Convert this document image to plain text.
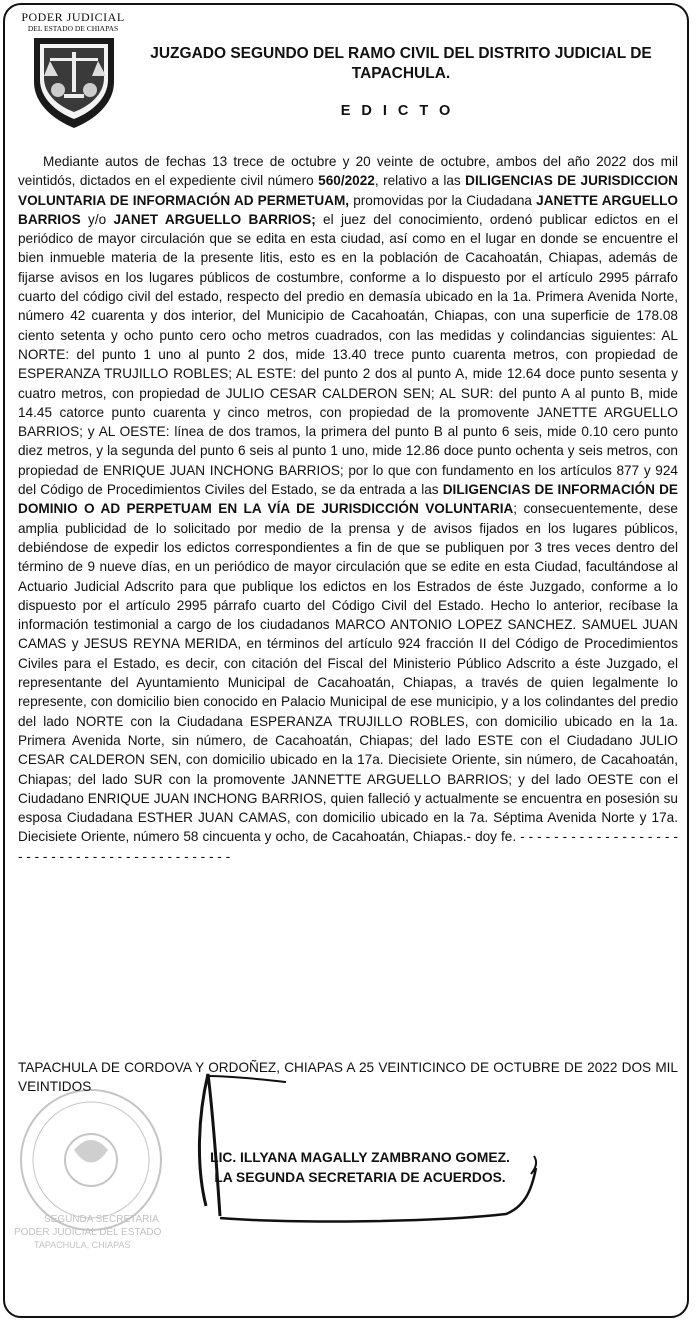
PODER JUDICIAL
DEL ESTADO DE CHIAPAS
JUZGADO SEGUNDO DEL RAMO CIVIL DEL DISTRITO JUDICIAL DE TAPACHULA.
EDICTO
Mediante autos de fechas 13 trece de octubre y 20 veinte de octubre, ambos del año 2022 dos mil veintidós, dictados en el expediente civil número 560/2022, relativo a las DILIGENCIAS DE JURISDICCION VOLUNTARIA DE INFORMACIÓN AD PERMETUAM, promovidas por la Ciudadana JANETTE ARGUELLO BARRIOS y/o JANET ARGUELLO BARRIOS; el juez del conocimiento, ordenó publicar edictos en el periódico de mayor circulación que se edita en esta ciudad, así como en el lugar en donde se encuentre el bien inmueble materia de la presente litis, esto es en la población de Cacahoatán, Chiapas, además de fijarse avisos en los lugares públicos de costumbre, conforme a lo dispuesto por el artículo 2995 párrafo cuarto del código civil del estado, respecto del predio en demasía ubicado en la 1a. Primera Avenida Norte, número 42 cuarenta y dos interior, del Municipio de Cacahoatán, Chiapas, con una superficie de 178.08 ciento setenta y ocho punto cero ocho metros cuadrados, con las medidas y colindancias siguientes: AL NORTE: del punto 1 uno al punto 2 dos, mide 13.40 trece punto cuarenta metros, con propiedad de ESPERANZA TRUJILLO ROBLES; AL ESTE: del punto 2 dos al punto A, mide 12.64 doce punto sesenta y cuatro metros, con propiedad de JULIO CESAR CALDERON SEN; AL SUR: del punto A al punto B, mide 14.45 catorce punto cuarenta y cinco metros, con propiedad de la promovente JANETTE ARGUELLO BARRIOS; y AL OESTE: línea de dos tramos, la primera del punto B al punto 6 seis, mide 0.10 cero punto diez metros, y la segunda del punto 6 seis al punto 1 uno, mide 12.86 doce punto ochenta y seis metros, con propiedad de ENRIQUE JUAN INCHONG BARRIOS; por lo que con fundamento en los artículos 877 y 924 del Código de Procedimientos Civiles del Estado, se da entrada a las DILIGENCIAS DE INFORMACIÓN DE DOMINIO O AD PERPETUAM EN LA VÍA DE JURISDICCIÓN VOLUNTARIA; consecuentemente, dese amplia publicidad de lo solicitado por medio de la prensa y de avisos fijados en los lugares públicos, debiéndose de expedir los edictos correspondientes a fin de que se publiquen por 3 tres veces dentro del término de 9 nueve días, en un periódico de mayor circulación que se edite en esta Ciudad, facultándose al Actuario Judicial Adscrito para que publique los edictos en los Estrados de éste Juzgado, conforme a lo dispuesto por el artículo 2995 párrafo cuarto del Código Civil del Estado. Hecho lo anterior, recíbase la información testimonial a cargo de los ciudadanos MARCO ANTONIO LOPEZ SANCHEZ. SAMUEL JUAN CAMAS y JESUS REYNA MERIDA, en términos del artículo 924 fracción II del Código de Procedimientos Civiles para el Estado, es decir, con citación del Fiscal del Ministerio Público Adscrito a éste Juzgado, el representante del Ayuntamiento Municipal de Cacahoatán, Chiapas, a través de quien legalmente lo represente, con domicilio bien conocido en Palacio Municipal de ese municipio, y a los colindantes del predio del lado NORTE con la Ciudadana ESPERANZA TRUJILLO ROBLES, con domicilio ubicado en la 1a. Primera Avenida Norte, sin número, de Cacahoatán, Chiapas; del lado ESTE con el Ciudadano JULIO CESAR CALDERON SEN, con domicilio ubicado en la 17a. Diecisiete Oriente, sin número, de Cacahoatán, Chiapas; del lado SUR con la promovente JANNETTE ARGUELLO BARRIOS; y del lado OESTE con el Ciudadano ENRIQUE JUAN INCHONG BARRIOS, quien falleció y actualmente se encuentra en posesión su esposa Ciudadana ESTHER JUAN CAMAS, con domicilio ubicado en la 7a. Séptima Avenida Norte y 17a. Diecisiete Oriente, número 58 cincuenta y ocho, de Cacahoatán, Chiapas.- doy fe. - - - - - - - - - - - - - - - - - - - - - - - - - - - - - - - - - - - - - - - - - - - - -
TAPACHULA DE CORDOVA Y ORDOÑEZ, CHIAPAS A 25 VEINTICINCO DE OCTUBRE DE 2022 DOS MIL VEINTIDOS
SEGUNDA SECRETARIA
PODER JUDICIAL DEL ESTADO
TAPACHULA, CHIAPAS
LIC. ILLYANA MAGALLY ZAMBRANO GOMEZ.
LA SEGUNDA SECRETARIA DE ACUERDOS.
